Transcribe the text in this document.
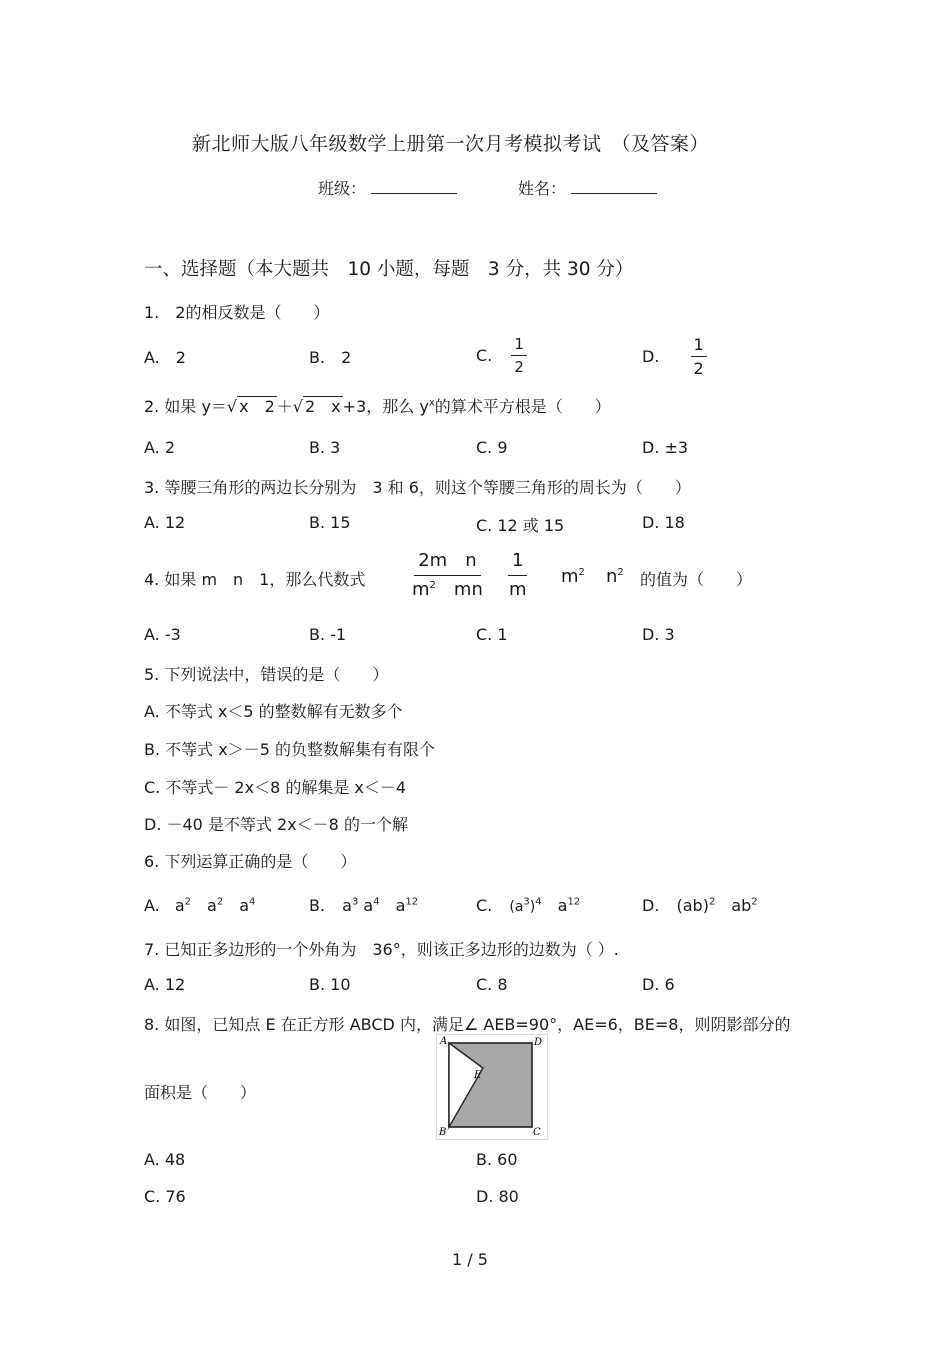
新北师大版八年级数学上册第一次月考模拟考试　（及答案）
班级：	姓名：
一、选择题（本大题共　10 小题，每题　3 分，共 30 分）
1.　2的相反数是（　　）
A.　2	B.　2	C. $\frac{1}{2}$	D. $\frac{1}{2}$
2. 如果 y＝√ x　2 ＋√ 2　x +3，那么 $y^x$的算术平方根是（　　）
A. 2	B. 3	C. 9	D. ±3
3. 等腰三角形的两边长分别为　3 和 6，则这个等腰三角形的周长为（　　）
A. 12	B. 15	C. 12 或 15	D. 18
4. 如果 m　n　1，那么代数式	$\frac{\text{2m　n}}{m^2 mn} \frac{1}{m} m^2$ $n^2$ 的值为（　　）
A. -3	B. -1	C. 1	D. 3
5. 下列说法中，错误的是（　　）
A. 不等式 x＜5 的整数解有无数多个
B. 不等式 x＞－5 的负整数解集有有限个
C. 不等式－ 2x＜8 的解集是 x＜－4
D. －40 是不等式 2x＜－8 的一个解
6. 下列运算正确的是（　　）
A. $a^2$　$a^2$　$a^4$	B. $a^3$ $a^4$　$a^{12}$	C. $(a^3)^4$　$a^{12}$	D. (ab)$^2$　$ab^2$
7. 已知正多边形的一个外角为　36°，则该正多边形的边数为（ ）.
A. 12	B. 10	C. 8	D. 6
8. 如图，已知点 E 在正方形 ABCD 内，满足∠ AEB=90°，AE=6，BE=8，则阴影部分的
面积是（　　）
A	D
B	C
E
A. 48	B. 60
C. 76	D. 80
1 / 5
